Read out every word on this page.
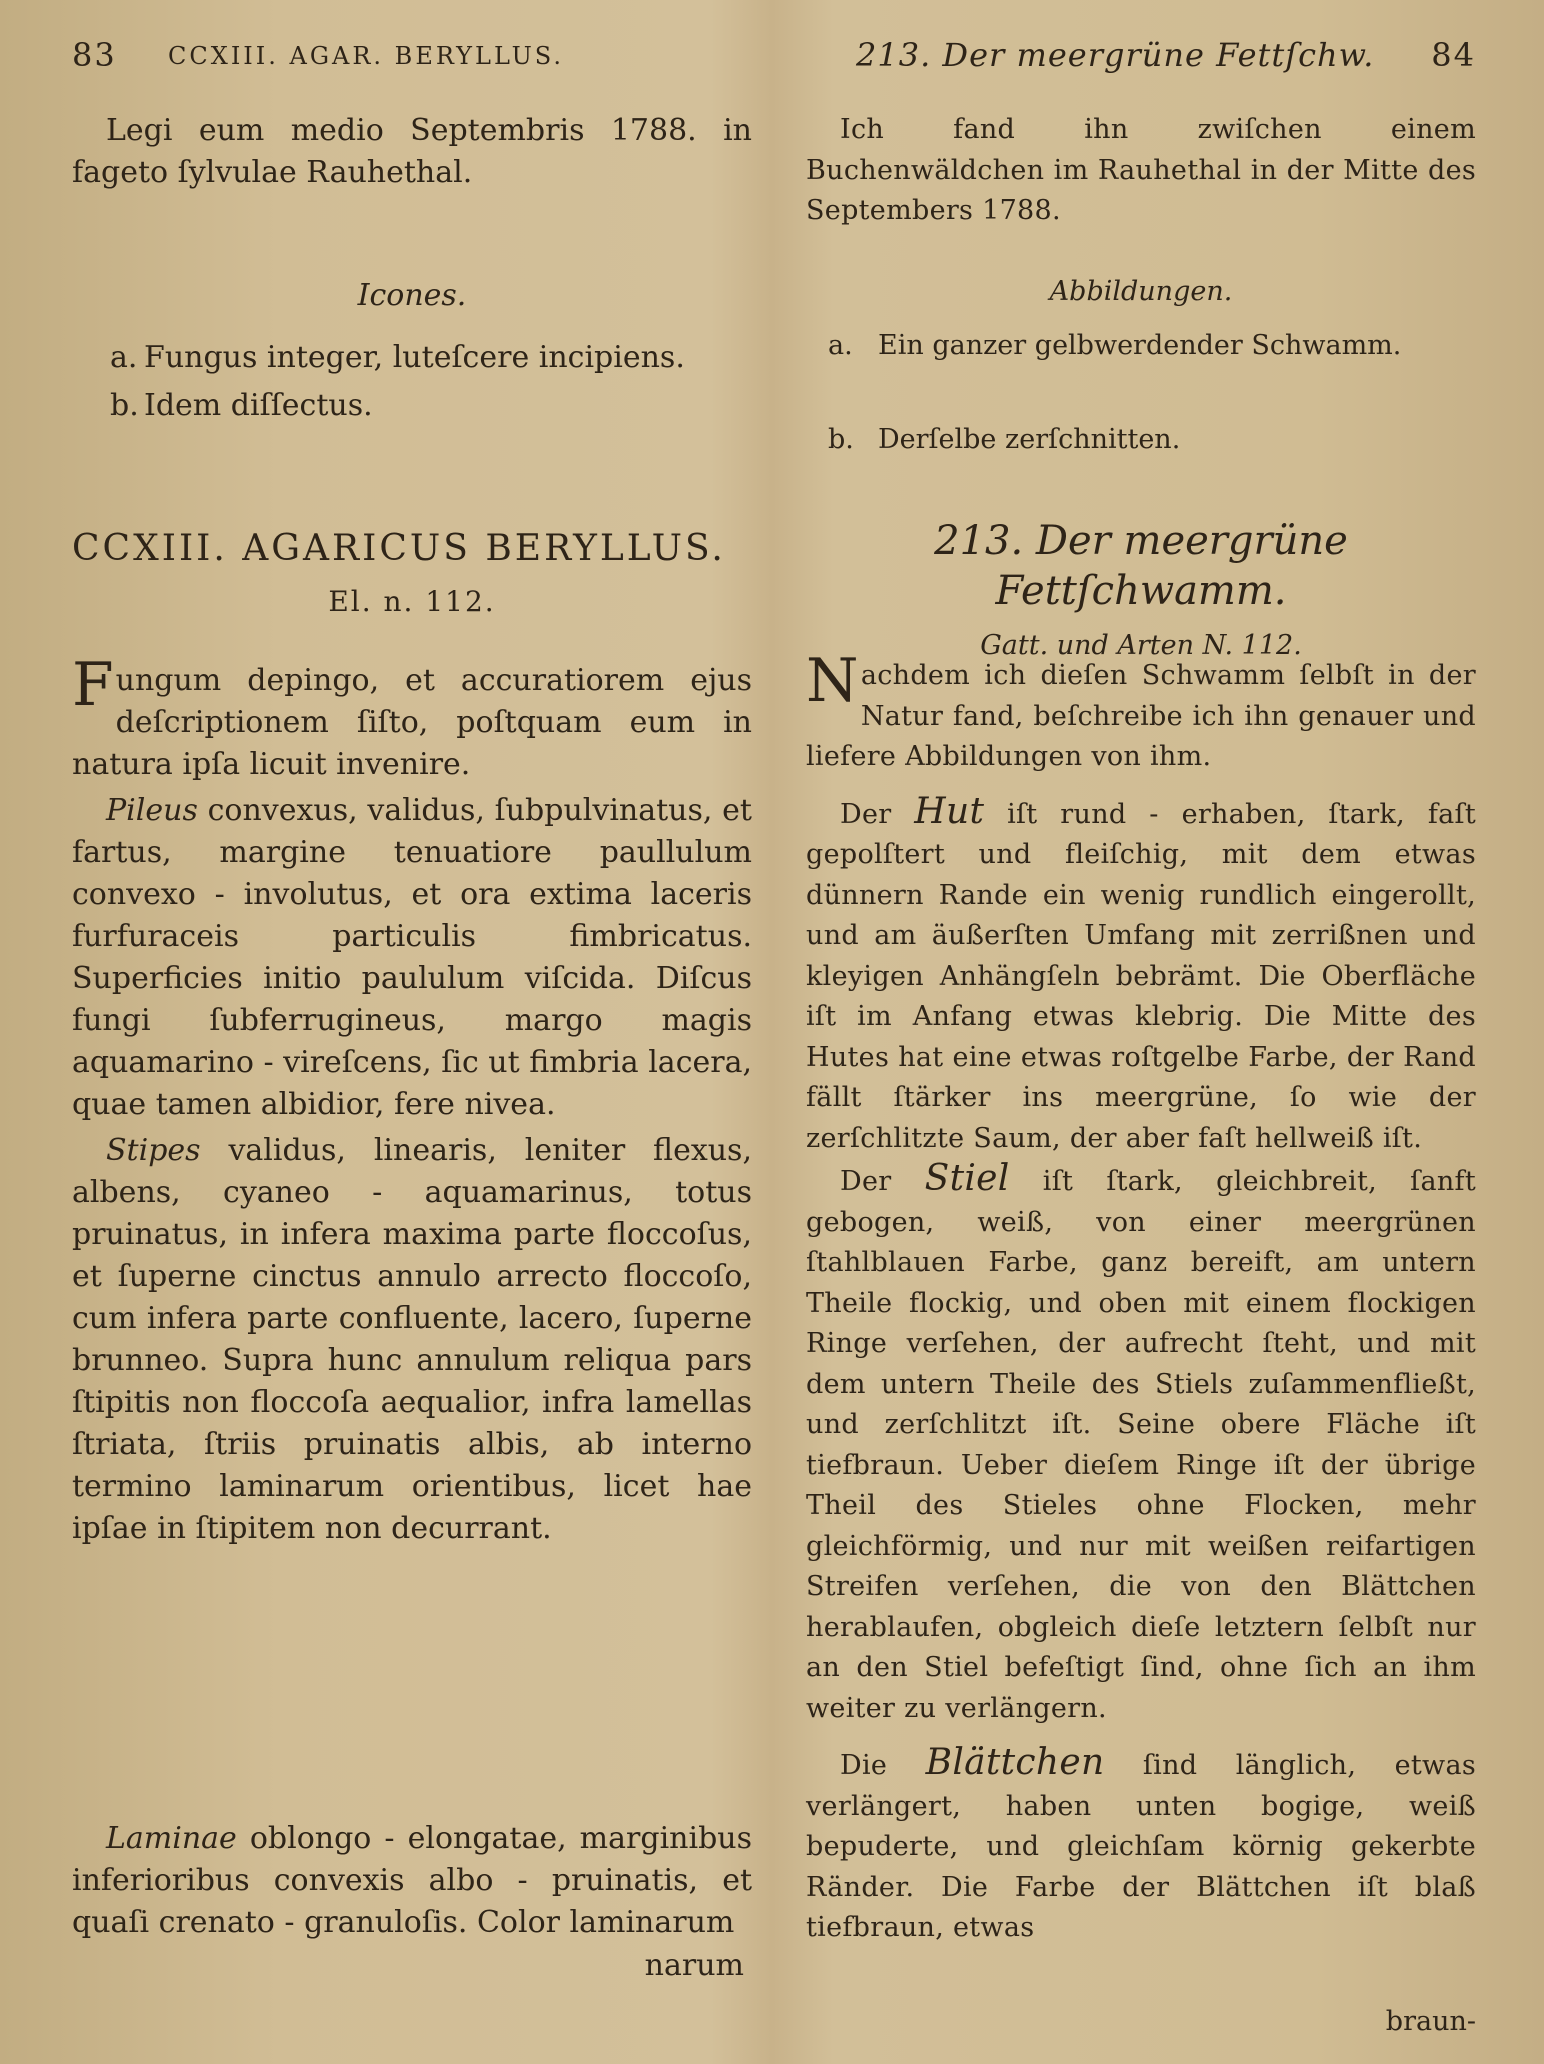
83 CCXIII. AGAR. BERYLLUS.

Legi eum medio Septembris 1788. in fageto ſylvulae Rauhethal.

Icones.

a. Fungus integer, luteſcere incipiens.
b. Idem diſſectus.

CCXIII. AGARICUS BERYLLUS.

El. n. 112.

Fungum depingo, et accuratiorem ejus deſcriptionem ſiſto, poſtquam eum in natura ipſa licuit invenire.

Pileus convexus, validus, ſubpulvinatus, et fartus, margine tenuatiore paullulum convexo - involutus, et ora extima laceris furfuraceis particulis fimbricatus. Superficies initio paululum viſcida. Diſcus fungi ſubferrugineus, margo magis aquamarino - vireſcens, ſic ut fimbria lacera, quae tamen albidior, fere nivea.

Stipes validus, linearis, leniter flexus, albens, cyaneo - aquamarinus, totus pruinatus, in infera maxima parte floccoſus, et ſuperne cinctus annulo arrecto floccoſo, cum infera parte confluente, lacero, ſuperne brunneo. Supra hunc annulum reliqua pars ſtipitis non floccoſa aequalior, infra lamellas ſtriata, ſtriis pruinatis albis, ab interno termino laminarum orientibus, licet hae ipſae in ſtipitem non decurrant.

Laminae oblongo - elongatae, marginibus inferioribus convexis albo - pruinatis, et quaſi crenato - granuloſis. Color laminarum

213. Der meergrüne Fettſchw. 84

Ich fand ihn zwiſchen einem Buchenwäldchen im Rauhethal in der Mitte des Septembers 1788.

Abbildungen.

a. Ein ganzer gelbwerdender Schwamm.
b. Derſelbe zerſchnitten.

213. Der meergrüne Fettſchwamm.

Gatt. und Arten N. 112.

Nachdem ich dieſen Schwamm ſelbſt in der Natur fand, beſchreibe ich ihn genauer und liefere Abbildungen von ihm.

Der Hut iſt rund - erhaben, ſtark, faſt gepolſtert und fleiſchig, mit dem etwas dünnern Rande ein wenig rundlich eingerollt, und am äußerſten Umfang mit zerrißnen und kleyigen Anhängſeln bebrämt. Die Oberfläche iſt im Anfang etwas klebrig. Die Mitte des Hutes hat eine etwas roſtgelbe Farbe, der Rand fällt ſtärker ins meergrüne, ſo wie der zerſchlitzte Saum, der aber faſt hellweiß iſt.

Der Stiel iſt ſtark, gleichbreit, ſanft gebogen, weiß, von einer meergrünen ſtahlblauen Farbe, ganz bereift, am untern Theile flockig, und oben mit einem flockigen Ringe verſehen, der aufrecht ſteht, und mit dem untern Theile des Stiels zuſammenfließt, und zerſchlitzt iſt. Seine obere Fläche iſt tiefbraun. Ueber dieſem Ringe iſt der übrige Theil des Stieles ohne Flocken, mehr gleichförmig, und nur mit weißen reifartigen Streifen verſehen, die von den Blättchen herablaufen, obgleich dieſe letztern ſelbſt nur an den Stiel befeſtigt ſind, ohne ſich an ihm weiter zu verlängern.

Die Blättchen ſind länglich, etwas verlängert, haben unten bogige, weiß bepuderte, und gleichſam körnig gekerbte Ränder. Die Farbe der Blättchen iſt blaß tiefbraun, etwas

braun-
narum
